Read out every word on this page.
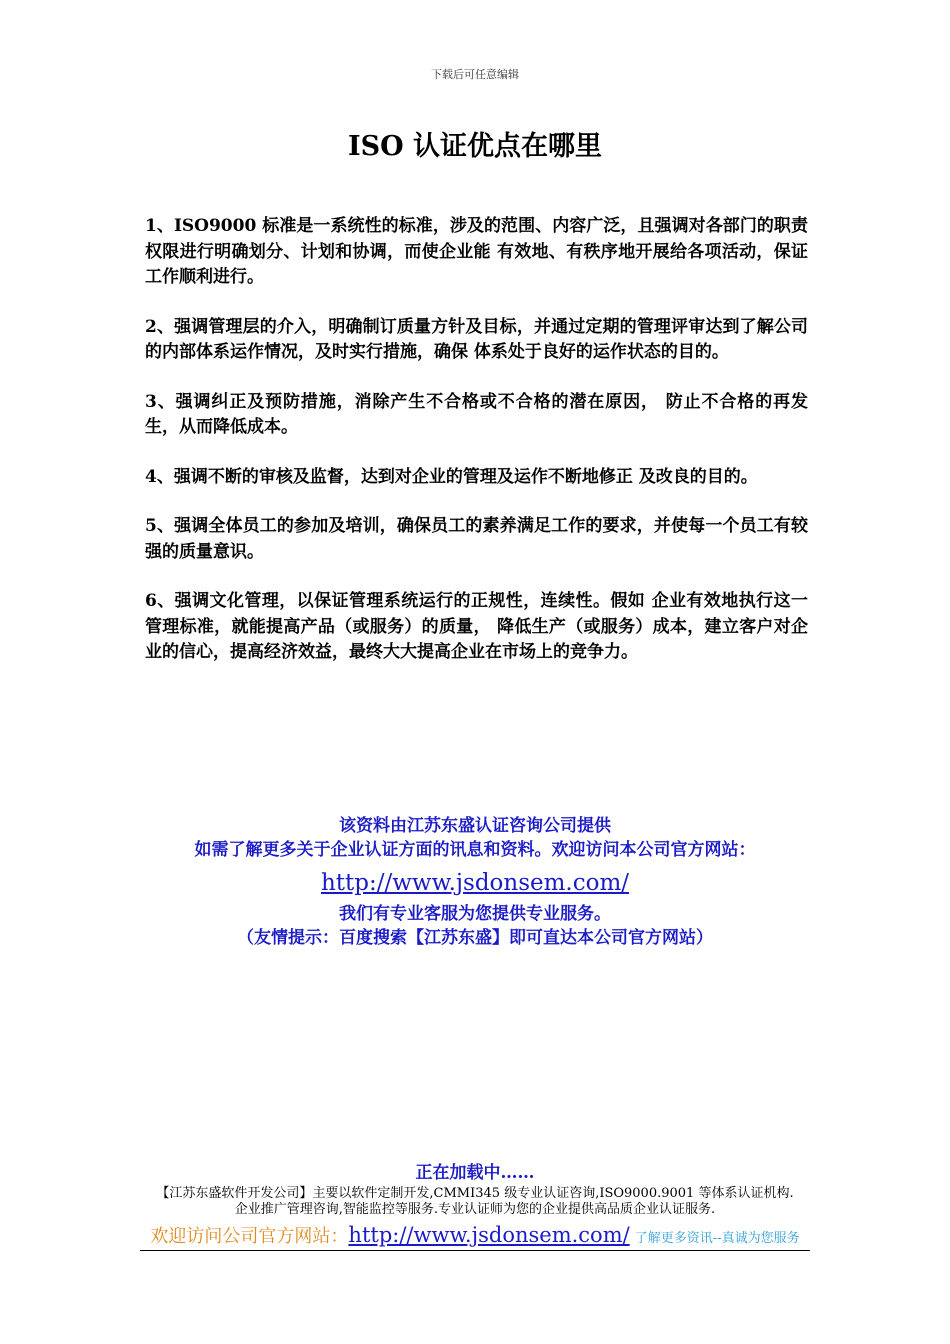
下载后可任意编辑
ISO 认证优点在哪里

1、ISO9000 标准是一系统性的标准，涉及的范围、内容广泛，且强调对各部门的职责权限进行明确划分、计划和协调，而使企业能 有效地、有秩序地开展给各项活动，保证工作顺利进行。

2、强调管理层的介入，明确制订质量方针及目标，并通过定期的管理评审达到了解公司的内部体系运作情况，及时实行措施，确保 体系处于良好的运作状态的目的。

3、强调纠正及预防措施，消除产生不合格或不合格的潜在原因， 防止不合格的再发生，从而降低成本。

4、强调不断的审核及监督，达到对企业的管理及运作不断地修正 及改良的目的。

5、强调全体员工的参加及培训，确保员工的素养满足工作的要求，并使每一个员工有较强的质量意识。

6、强调文化管理，以保证管理系统运行的正规性，连续性。假如 企业有效地执行这一管理标准，就能提高产品（或服务）的质量， 降低生产（或服务）成本，建立客户对企业的信心，提高经济效益，最终大大提高企业在市场上的竞争力。

该资料由江苏东盛认证咨询公司提供
如需了解更多关于企业认证方面的讯息和资料。欢迎访问本公司官方网站：
http://www.jsdonsem.com/
我们有专业客服为您提供专业服务。
（友情提示：百度搜索【江苏东盛】即可直达本公司官方网站）
正在加载中……
【江苏东盛软件开发公司】主要以软件定制开发,CMMI345 级专业认证咨询,ISO9000.9001 等体系认证机构.
企业推广管理咨询,智能监控等服务.专业认证师为您的企业提供高品质企业认证服务.
欢迎访问公司官方网站：http://www.jsdonsem.com/ 了解更多资讯--真诚为您服务
